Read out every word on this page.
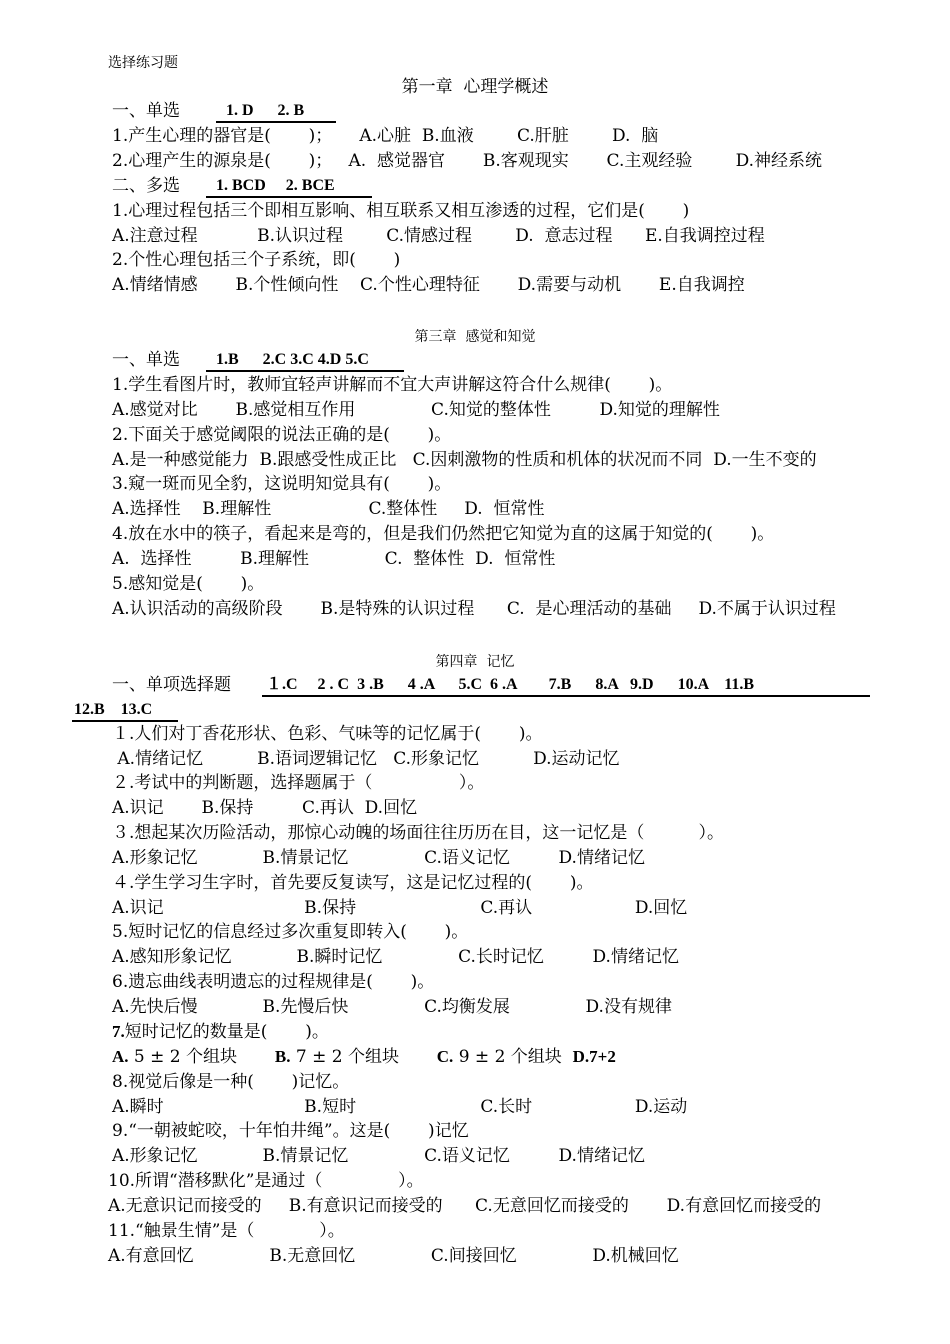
选择练习题
第一章  心理学概述
一、单选	1. D      2. B
1.产生心理的器官是(       )；     A.心脏  B.血液        C.肝脏        D.  脑
2.心理产生的源泉是(       )；   A.  感觉器官       B.客观现实       C.主观经验        D.神经系统
二、多选 1. BCD     2. BCE
1.心理过程包括三个即相互影响、相互联系又相互渗透的过程，它们是(       )
A.注意过程           B.认识过程        C.情感过程        D.  意志过程      E.自我调控过程
2.个性心理包括三个子系统，即(       )
A.情绪情感       B.个性倾向性    C.个性心理特征       D.需要与动机       E.自我调控
第三章  感觉和知觉
一、单选 1.B      2.C 3.C 4.D 5.C
1.学生看图片时，教师宜轻声讲解而不宜大声讲解这符合什么规律(       )。
A.感觉对比       B.感觉相互作用              C.知觉的整体性         D.知觉的理解性
2.下面关于感觉阈限的说法正确的是(       )。
A.是一种感觉能力  B.跟感受性成正比   C.因刺激物的性质和机体的状况而不同  D.一生不变的
3.窥一斑而见全豹，这说明知觉具有(       )。
A.选择性    B.理解性                  C.整体性     D.  恒常性
4.放在水中的筷子，看起来是弯的，但是我们仍然把它知觉为直的这属于知觉的(       )。
A.  选择性         B.理解性              C.  整体性  D.  恒常性
5.感知觉是(       )。
A.认识活动的高级阶段       B.是特殊的认识过程      C.  是心理活动的基础     D.不属于认识过程
第四章  记忆
一、单项选择题 １.C     2 . C  3 .B      4 .A      5.C  6 .A        7.B      8.A   9.D      10.A    11.B
12.B    13.C
１.人们对丁香花形状、色彩、气味等的记忆属于(       )。
A.情绪记忆          B.语词逻辑记忆   C.形象记忆          D.运动记忆
２.考试中的判断题，选择题属于（                ）。
A.识记       B.保持         C.再认  D.回忆
３.想起某次历险活动，那惊心动魄的场面往往历历在目，这一记忆是（          ）。
A.形象记忆            B.情景记忆              C.语义记忆         D.情绪记忆
４.学生学习生字时，首先要反复读写，这是记忆过程的(       )。
A.识记                          B.保持                       C.再认                   D.回忆
5.短时记忆的信息经过多次重复即转入(       )。
A.感知形象记忆            B.瞬时记忆              C.长时记忆         D.情绪记忆
6.遗忘曲线表明遗忘的过程规律是(       )。
A.先快后慢            B.先慢后快              C.均衡发展              D.没有规律
7.短时记忆的数量是(       )。
A. 5 ± 2 个组块       B. 7 ± 2 个组块       C. 9 ± 2 个组块  D.7+2
8.视觉后像是一种(       )记忆。
A.瞬时                          B.短时                       C.长时                   D.运动
9.“一朝被蛇咬，十年怕井绳”。这是(       )记忆
A.形象记忆            B.情景记忆              C.语义记忆         D.情绪记忆
10.所谓“潜移默化”是通过（              ）。
A.无意识记而接受的     B.有意识记而接受的      C.无意回忆而接受的       D.有意回忆而接受的
11.“触景生情”是（            ）。
A.有意回忆              B.无意回忆              C.间接回忆              D.机械回忆
